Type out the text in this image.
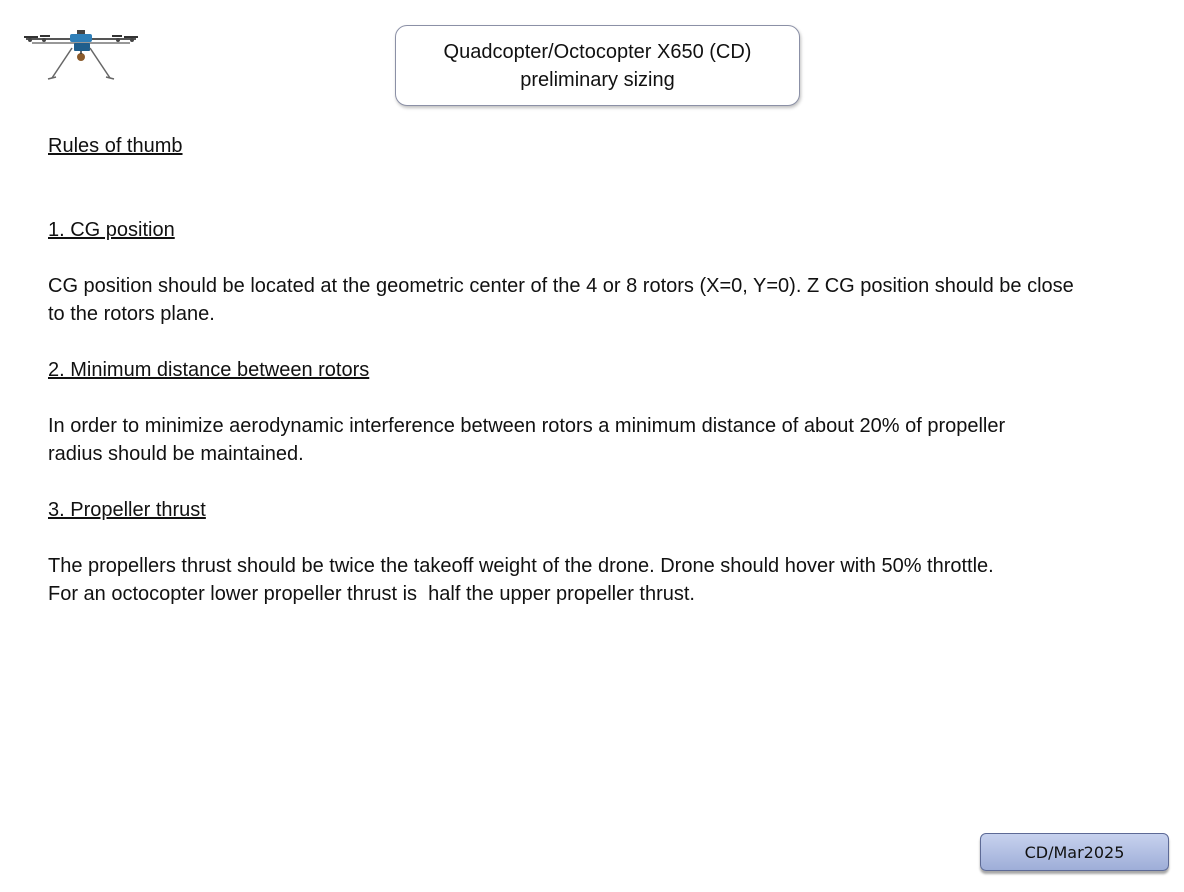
Quadcopter/Octocopter X650 (CD)
preliminary sizing

Rules of thumb

1. CG position

CG position should be located at the geometric center of the 4 or 8 rotors (X=0, Y=0). Z CG position should be close

to the rotors plane.

2. Minimum distance between rotors

In order to minimize aerodynamic interference between rotors a minimum distance of about 20% of propeller

radius should be maintained.

3. Propeller thrust

The propellers thrust should be twice the takeoff weight of the drone. Drone should hover with 50% throttle.

For an octocopter lower propeller thrust is  half the upper propeller thrust.

CD/Mar2025
